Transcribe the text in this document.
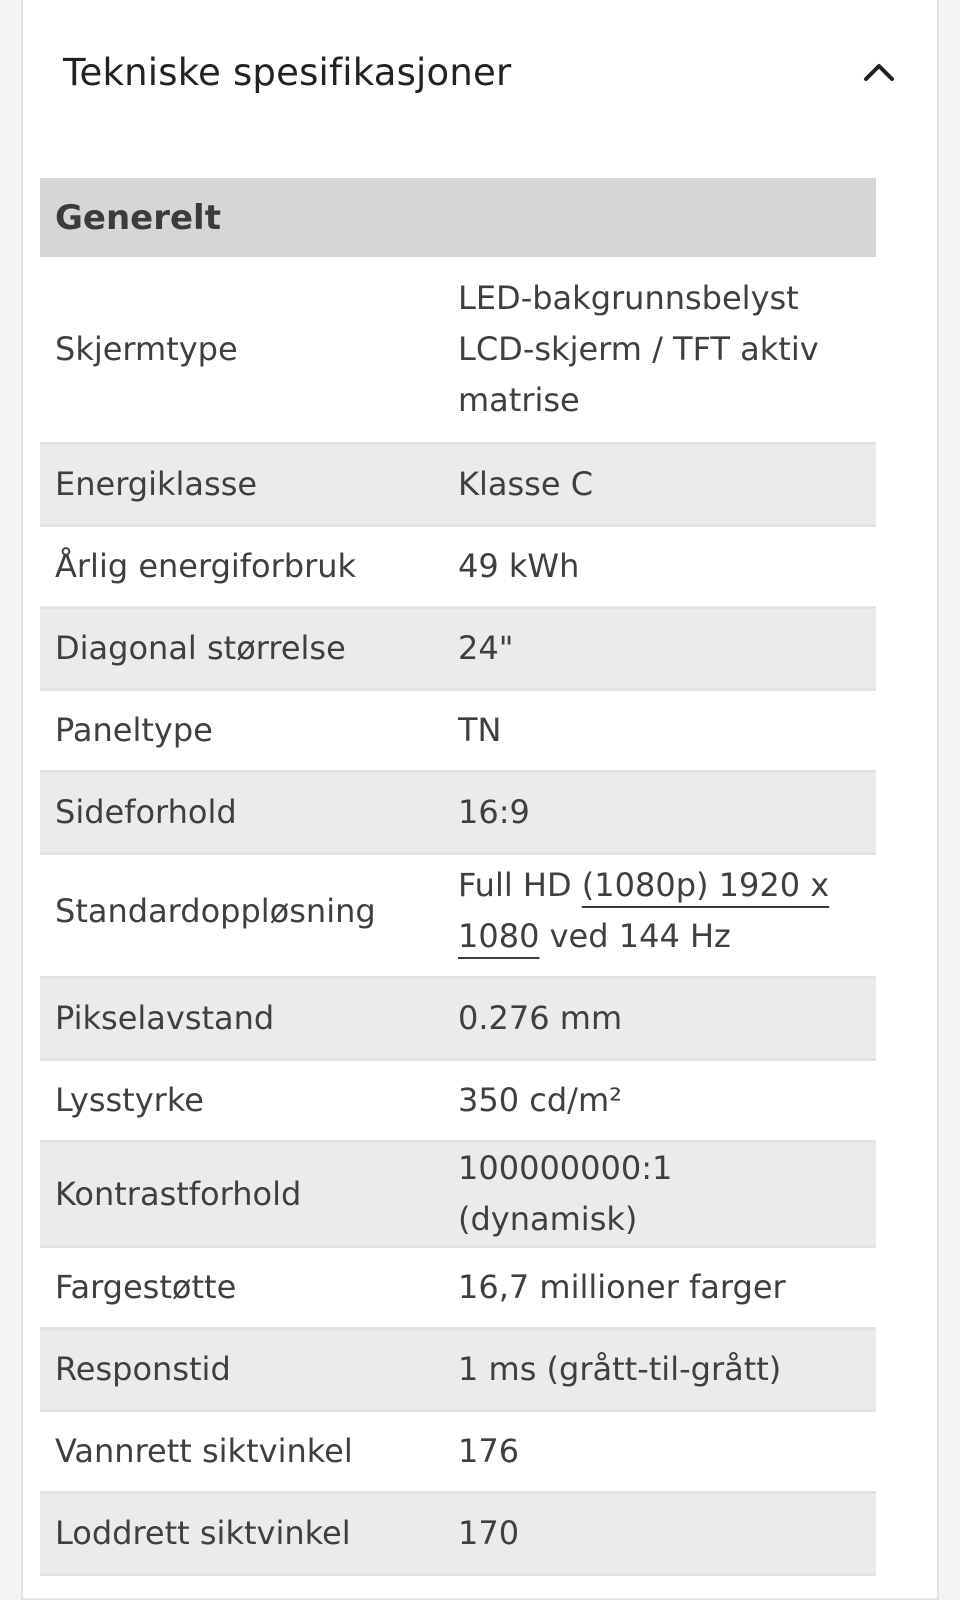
Tekniske spesifikasjoner
Generelt	
Skjermtype	LED-bakgrunnsbelyst LCD-skjerm / TFT aktiv matrise
Energiklasse	Klasse C
Årlig energiforbruk	49 kWh
Diagonal størrelse	24"
Paneltype	TN
Sideforhold	16:9
Standardoppløsning	Full HD (1080p) 1920 x 1080 ved 144 Hz
Pikselavstand	0.276 mm
Lysstyrke	350 cd/m²
Kontrastforhold	100000000:1 (dynamisk)
Fargestøtte	16,7 millioner farger
Responstid	1 ms (grått-til-grått)
Vannrett siktvinkel	176
Loddrett siktvinkel	170
